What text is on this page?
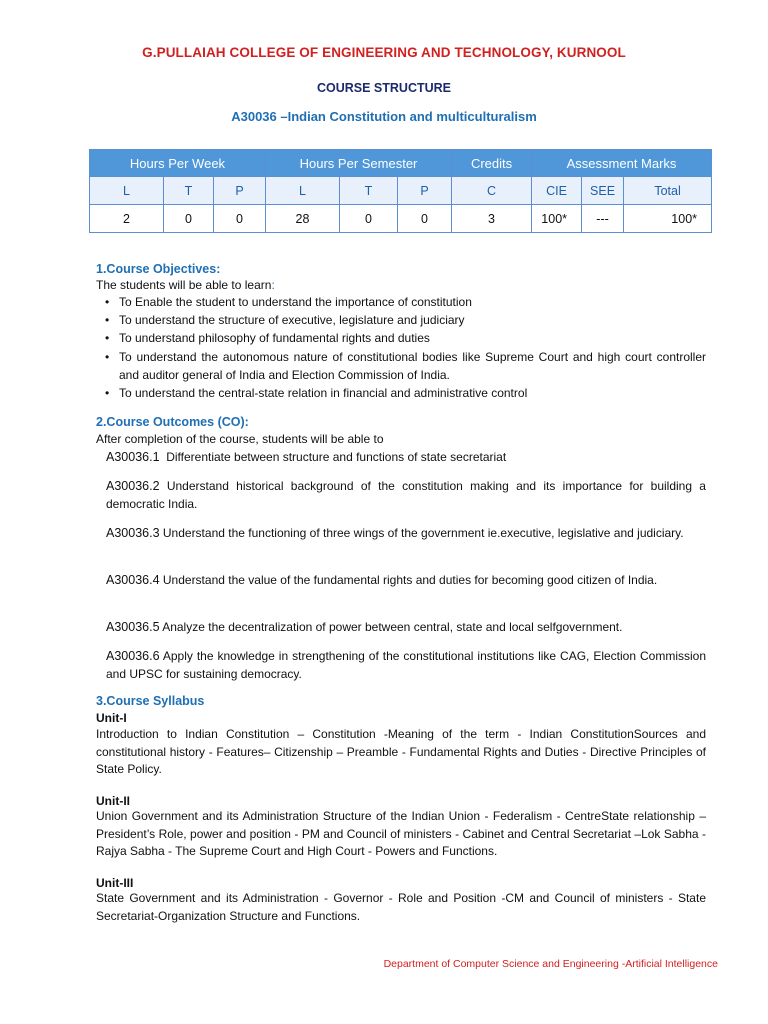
G.PULLAIAH COLLEGE OF ENGINEERING AND TECHNOLOGY, KURNOOL
COURSE STRUCTURE
A30036 –Indian Constitution and multiculturalism
Hours Per Week			Hours Per Semester			Credits	Assessment Marks		
L	T	P	L	T	P	C	CIE	SEE	Total
2	0	0	28	0	0	3	100*	---	100*
1.Course Objectives:
The students will be able to learn:
• To Enable the student to understand the importance of constitution
• To understand the structure of executive, legislature and judiciary
• To understand philosophy of fundamental rights and duties
• To understand the autonomous nature of constitutional bodies like Supreme Court and high court controller and auditor general of India and Election Commission of India.
• To understand the central-state relation in financial and administrative control
2.Course Outcomes (CO):
After completion of the course, students will be able to
A30036.1 Differentiate between structure and functions of state secretariat
A30036.2 Understand historical background of the constitution making and its importance for building a democratic India.
A30036.3 Understand the functioning of three wings of the government ie.executive, legislative and judiciary.
A30036.4 Understand the value of the fundamental rights and duties for becoming good citizen of India.
A30036.5 Analyze the decentralization of power between central, state and local selfgovernment.
A30036.6 Apply the knowledge in strengthening of the constitutional institutions like CAG, Election Commission and UPSC for sustaining democracy.
3.Course Syllabus
Unit-I
Introduction to Indian Constitution – Constitution -Meaning of the term - Indian ConstitutionSources and constitutional history - Features– Citizenship – Preamble - Fundamental Rights and Duties - Directive Principles of State Policy.
Unit-II
Union Government and its Administration Structure of the Indian Union - Federalism - CentreState relationship – President’s Role, power and position - PM and Council of ministers - Cabinet and Central Secretariat –Lok Sabha - Rajya Sabha - The Supreme Court and High Court - Powers and Functions.
Unit-III
State Government and its Administration - Governor - Role and Position -CM and Council of ministers - State Secretariat-Organization Structure and Functions.
Department of Computer Science and Engineering -Artificial Intelligence
